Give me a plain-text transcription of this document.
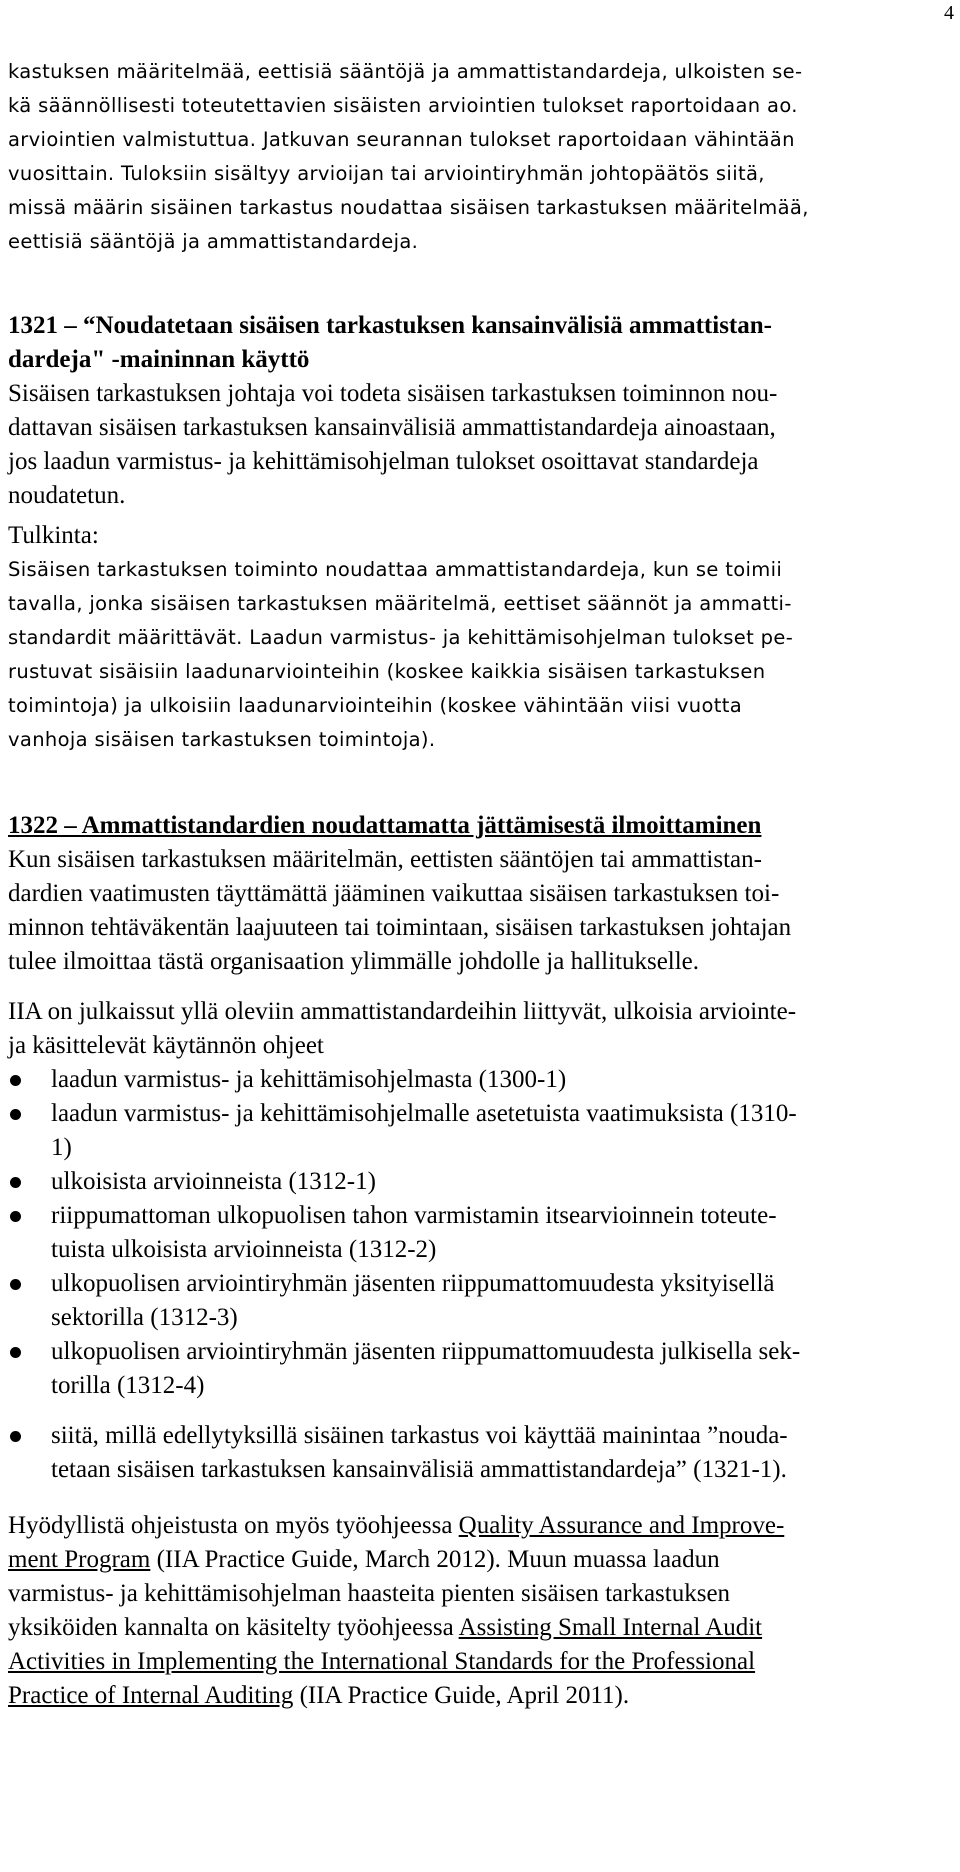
4

kastuksen määritelmää, eettisiä sääntöjä ja ammattistandardeja, ulkoisten se-

kä säännöllisesti toteutettavien sisäisten arviointien tulokset raportoidaan ao.

arviointien valmistuttua. Jatkuvan seurannan tulokset raportoidaan vähintään

vuosittain. Tuloksiin sisältyy arvioijan tai arviointiryhmän johtopäätös siitä,

missä määrin sisäinen tarkastus noudattaa sisäisen tarkastuksen määritelmää,

eettisiä sääntöjä ja ammattistandardeja.

1321 – “Noudatetaan sisäisen tarkastuksen kansainvälisiä ammattistan-

dardeja" -maininnan käyttö

Sisäisen tarkastuksen johtaja voi todeta sisäisen tarkastuksen toiminnon nou-

dattavan sisäisen tarkastuksen kansainvälisiä ammattistandardeja ainoastaan,

jos laadun varmistus- ja kehittämisohjelman tulokset osoittavat standardeja

noudatetun.

Tulkinta:

Sisäisen tarkastuksen toiminto noudattaa ammattistandardeja, kun se toimii

tavalla, jonka sisäisen tarkastuksen määritelmä, eettiset säännöt ja ammatti-

standardit määrittävät. Laadun varmistus- ja kehittämisohjelman tulokset pe-

rustuvat sisäisiin laadunarviointeihin (koskee kaikkia sisäisen tarkastuksen

toimintoja) ja ulkoisiin laadunarviointeihin (koskee vähintään viisi vuotta

vanhoja sisäisen tarkastuksen toimintoja).

1322 – Ammattistandardien noudattamatta jättämisestä ilmoittaminen

Kun sisäisen tarkastuksen määritelmän, eettisten sääntöjen tai ammattistan-

dardien vaatimusten täyttämättä jääminen vaikuttaa sisäisen tarkastuksen toi-

minnon tehtäväkentän laajuuteen tai toimintaan, sisäisen tarkastuksen johtajan

tulee ilmoittaa tästä organisaation ylimmälle johdolle ja hallitukselle.

IIA on julkaissut yllä oleviin ammattistandardeihin liittyvät, ulkoisia arviointe-

ja käsittelevät käytännön ohjeet

laadun varmistus- ja kehittämisohjelmasta (1300-1)
laadun varmistus- ja kehittämisohjelmalle asetetuista vaatimuksista (1310-
1)
ulkoisista arvioinneista (1312-1)
riippumattoman ulkopuolisen tahon varmistamin itsearvioinnein toteute-
tuista ulkoisista arvioinneista (1312-2)
ulkopuolisen arviointiryhmän jäsenten riippumattomuudesta yksityisellä
sektorilla (1312-3)
ulkopuolisen arviointiryhmän jäsenten riippumattomuudesta julkisella sek-
torilla (1312-4)
siitä, millä edellytyksillä sisäinen tarkastus voi käyttää mainintaa ”nouda-
tetaan sisäisen tarkastuksen kansainvälisiä ammattistandardeja” (1321-1).

Hyödyllistä ohjeistusta on myös työohjeessa Quality Assurance and Improve-

ment Program (IIA Practice Guide, March 2012). Muun muassa laadun

varmistus- ja kehittämisohjelman haasteita pienten sisäisen tarkastuksen

yksiköiden kannalta on käsitelty työohjeessa Assisting Small Internal Audit

Activities in Implementing the International Standards for the Professional

Practice of Internal Auditing (IIA Practice Guide, April 2011).
